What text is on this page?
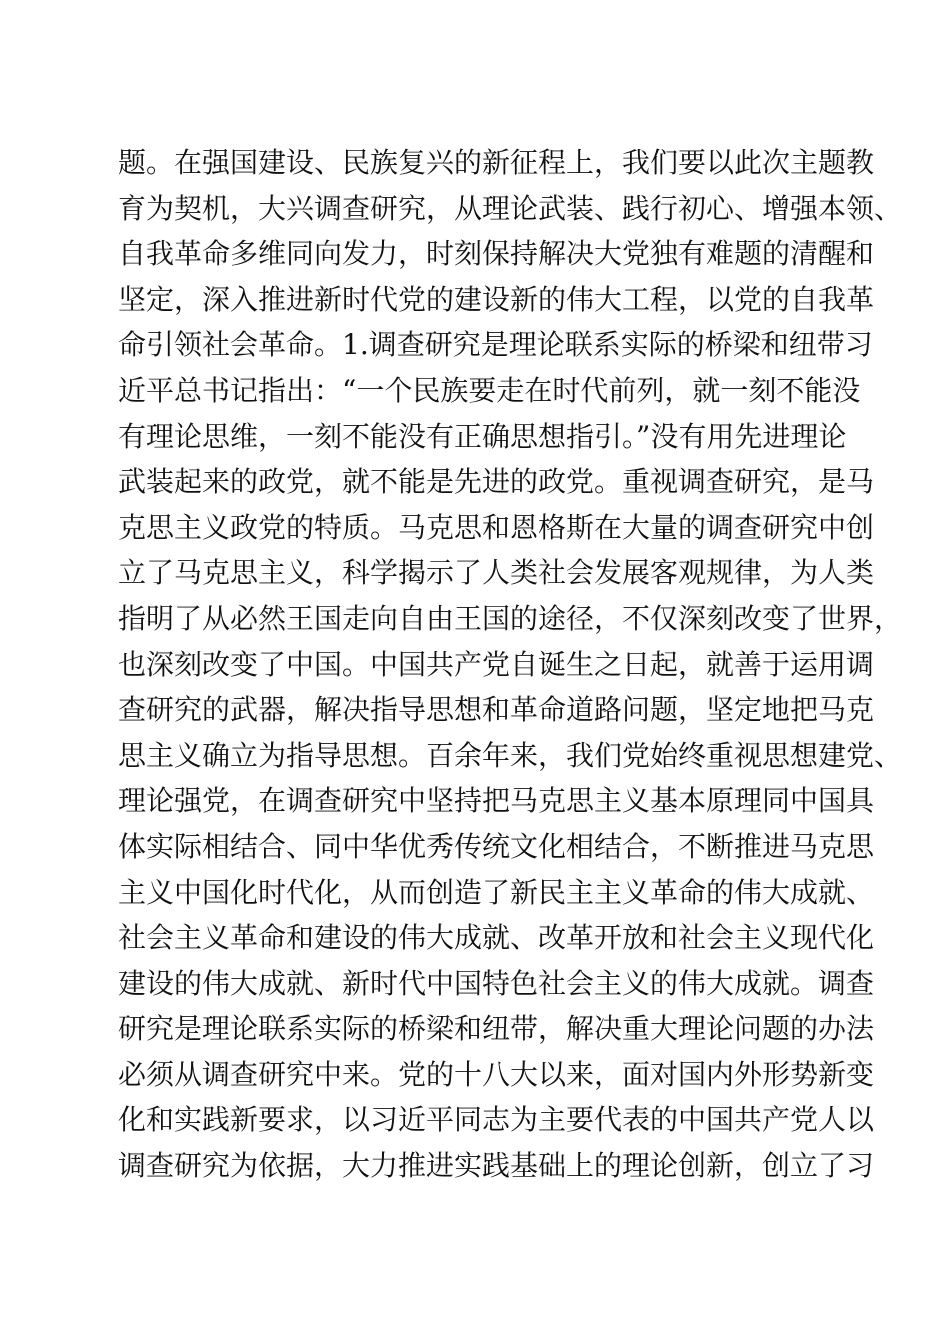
题。在强国建设、民族复兴的新征程上，我们要以此次主题教
育为契机，大兴调查研究，从理论武装、践行初心、增强本领、
自我革命多维同向发力，时刻保持解决大党独有难题的清醒和
坚定，深入推进新时代党的建设新的伟大工程，以党的自我革
命引领社会革命。1.调查研究是理论联系实际的桥梁和纽带习
近平总书记指出：“一个民族要走在时代前列，就一刻不能没
有理论思维，一刻不能没有正确思想指引。”没有用先进理论
武装起来的政党，就不能是先进的政党。重视调查研究，是马
克思主义政党的特质。马克思和恩格斯在大量的调查研究中创
立了马克思主义，科学揭示了人类社会发展客观规律，为人类
指明了从必然王国走向自由王国的途径，不仅深刻改变了世界，
也深刻改变了中国。中国共产党自诞生之日起，就善于运用调
查研究的武器，解决指导思想和革命道路问题，坚定地把马克
思主义确立为指导思想。百余年来，我们党始终重视思想建党、
理论强党，在调查研究中坚持把马克思主义基本原理同中国具
体实际相结合、同中华优秀传统文化相结合，不断推进马克思
主义中国化时代化，从而创造了新民主主义革命的伟大成就、
社会主义革命和建设的伟大成就、改革开放和社会主义现代化
建设的伟大成就、新时代中国特色社会主义的伟大成就。调查
研究是理论联系实际的桥梁和纽带，解决重大理论问题的办法
必须从调查研究中来。党的十八大以来，面对国内外形势新变
化和实践新要求，以习近平同志为主要代表的中国共产党人以
调查研究为依据，大力推进实践基础上的理论创新，创立了习
